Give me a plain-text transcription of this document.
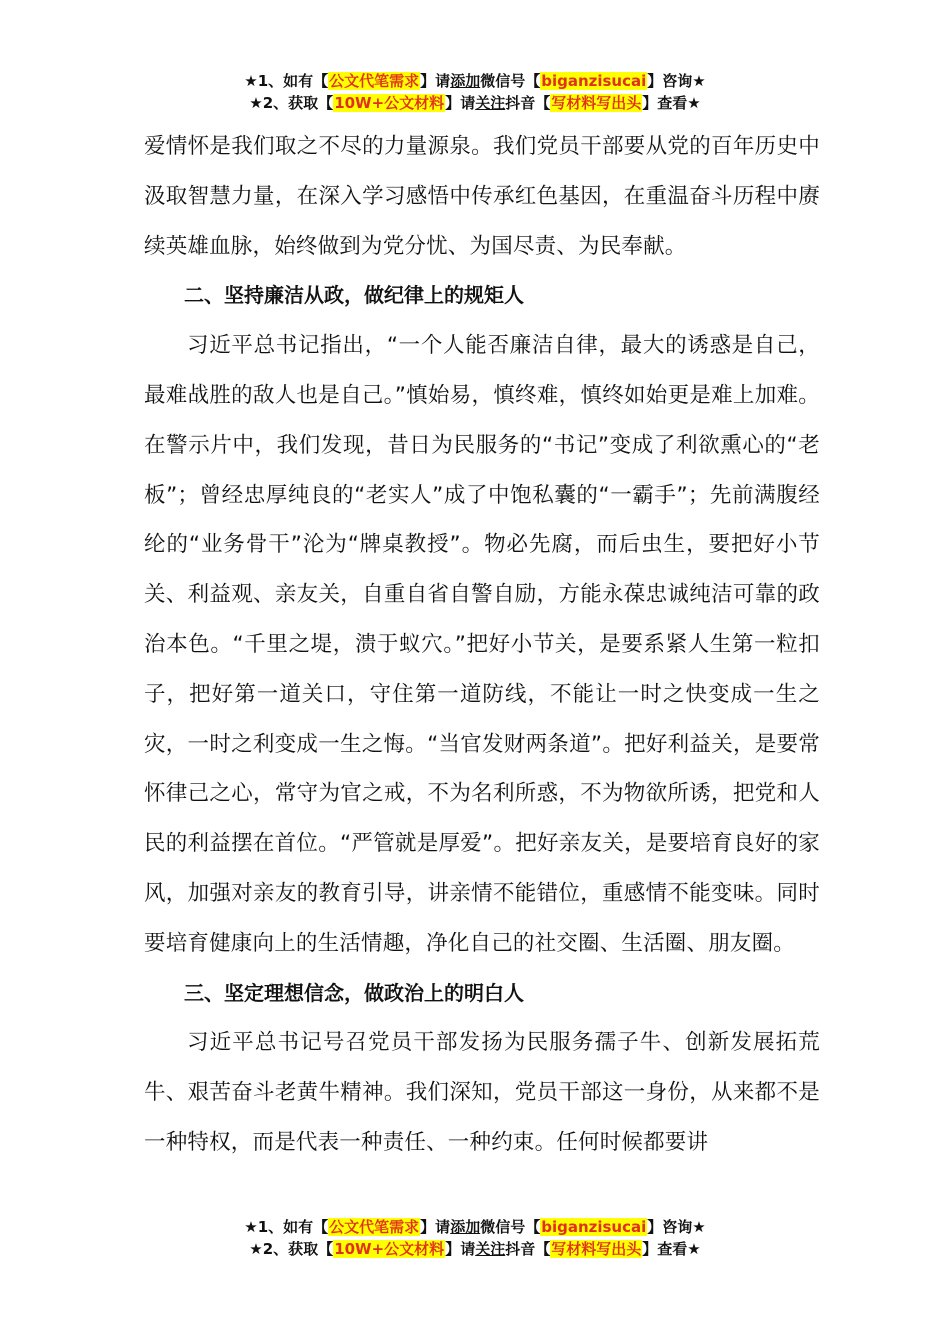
★1、如有【公文代笔需求】请添加微信号【biganzisucai】咨询★
★2、获取【10W+公文材料】请关注抖音【写材料写出头】查看★

爱情怀是我们取之不尽的力量源泉。我们党员干部要从党的百年历史中汲取智慧力量，在深入学习感悟中传承红色基因，在重温奋斗历程中赓续英雄血脉，始终做到为党分忧、为国尽责、为民奉献。

二、坚持廉洁从政，做纪律上的规矩人

习近平总书记指出，“一个人能否廉洁自律，最大的诱惑是自己，最难战胜的敌人也是自己。”慎始易，慎终难，慎终如始更是难上加难。在警示片中，我们发现，昔日为民服务的“书记”变成了利欲熏心的“老板”；曾经忠厚纯良的“老实人”成了中饱私囊的“一霸手”；先前满腹经纶的“业务骨干”沦为“牌桌教授”。物必先腐，而后虫生，要把好小节关、利益观、亲友关，自重自省自警自励，方能永葆忠诚纯洁可靠的政治本色。“千里之堤，溃于蚁穴。”把好小节关，是要系紧人生第一粒扣子，把好第一道关口，守住第一道防线，不能让一时之快变成一生之灾，一时之利变成一生之悔。“当官发财两条道”。把好利益关，是要常怀律己之心，常守为官之戒，不为名利所惑，不为物欲所诱，把党和人民的利益摆在首位。“严管就是厚爱”。把好亲友关，是要培育良好的家风，加强对亲友的教育引导，讲亲情不能错位，重感情不能变味。同时要培育健康向上的生活情趣，净化自己的社交圈、生活圈、朋友圈。

三、坚定理想信念，做政治上的明白人

习近平总书记号召党员干部发扬为民服务孺子牛、创新发展拓荒牛、艰苦奋斗老黄牛精神。我们深知，党员干部这一身份，从来都不是一种特权，而是代表一种责任、一种约束。任何时候都要讲

★1、如有【公文代笔需求】请添加微信号【biganzisucai】咨询★
★2、获取【10W+公文材料】请关注抖音【写材料写出头】查看★
